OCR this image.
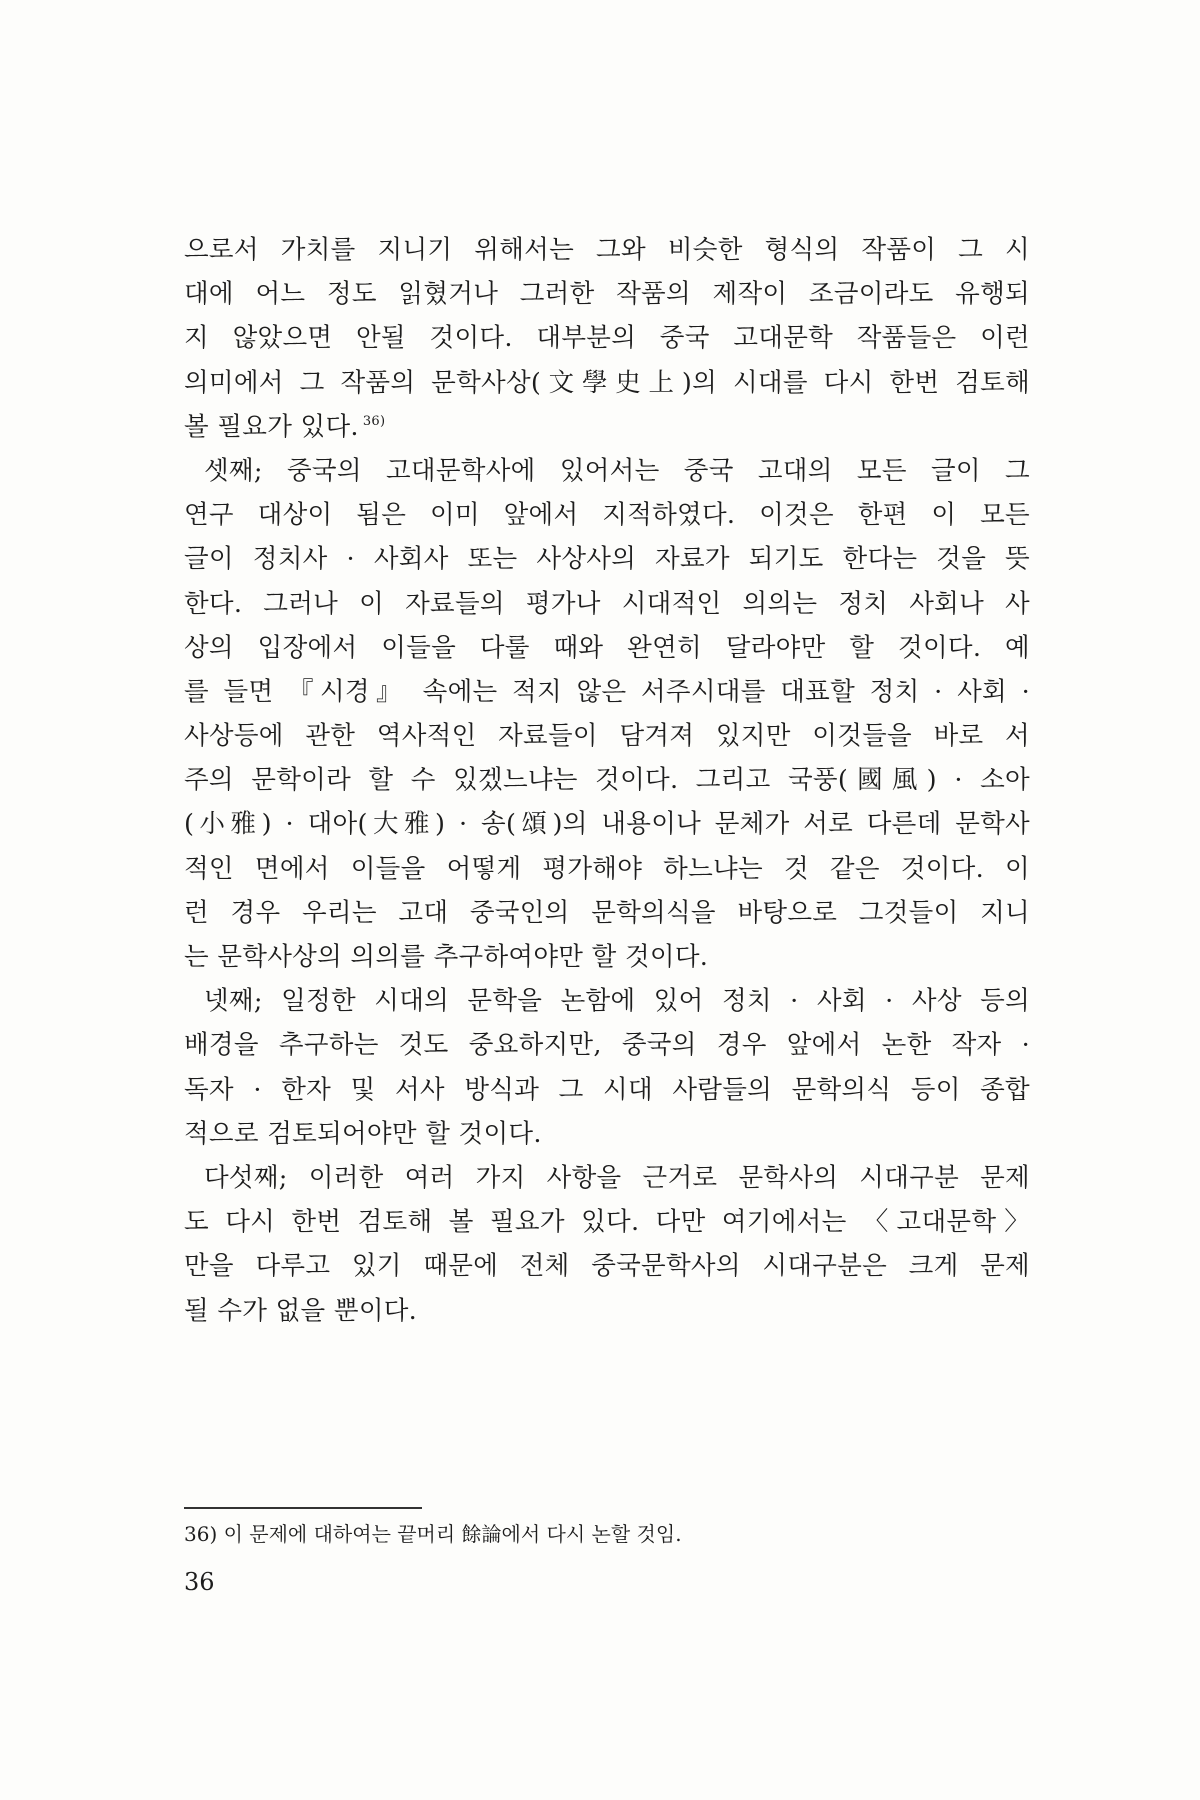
으로서 가치를 지니기 위해서는 그와 비슷한 형식의 작품이 그 시
대에 어느 정도 읽혔거나 그러한 작품의 제작이 조금이라도 유행되
지 않았으면 안될 것이다. 대부분의 중국 고대문학 작품들은 이런
의미에서 그 작품의 문학사상(文學史上)의 시대를 다시 한번 검토해
볼 필요가 있다. $^{36)}$
셋째; 중국의 고대문학사에 있어서는 중국 고대의 모든 글이 그
연구 대상이 됨은 이미 앞에서 지적하였다. 이것은 한편 이 모든
글이 정치사 · 사회사 또는 사상사의 자료가 되기도 한다는 것을 뜻
한다. 그러나 이 자료들의 평가나 시대적인 의의는 정치 사회나 사
상의 입장에서 이들을 다룰 때와 완연히 달라야만 할 것이다. 예
를 들면 『시경』 속에는 적지 않은 서주시대를 대표할 정치 · 사회 ·
사상등에 관한 역사적인 자료들이 담겨져 있지만 이것들을 바로 서
주의 문학이라 할 수 있겠느냐는 것이다. 그리고 국풍(國風) · 소아
(小雅) · 대아(大雅) · 송(頌)의 내용이나 문체가 서로 다른데 문학사
적인 면에서 이들을 어떻게 평가해야 하느냐는 것 같은 것이다. 이
런 경우 우리는 고대 중국인의 문학의식을 바탕으로 그것들이 지니
는 문학사상의 의의를 추구하여야만 할 것이다.
넷째; 일정한 시대의 문학을 논함에 있어 정치 · 사회 · 사상 등의
배경을 추구하는 것도 중요하지만, 중국의 경우 앞에서 논한 작자 ·
독자 · 한자 및 서사 방식과 그 시대 사람들의 문학의식 등이 종합
적으로 검토되어야만 할 것이다.
다섯째; 이러한 여러 가지 사항을 근거로 문학사의 시대구분 문제
도 다시 한번 검토해 볼 필요가 있다. 다만 여기에서는 〈고대문학〉
만을 다루고 있기 때문에 전체 중국문학사의 시대구분은 크게 문제
될 수가 없을 뿐이다.
36) 이 문제에 대하여는 끝머리 餘論에서 다시 논할 것임.
36
